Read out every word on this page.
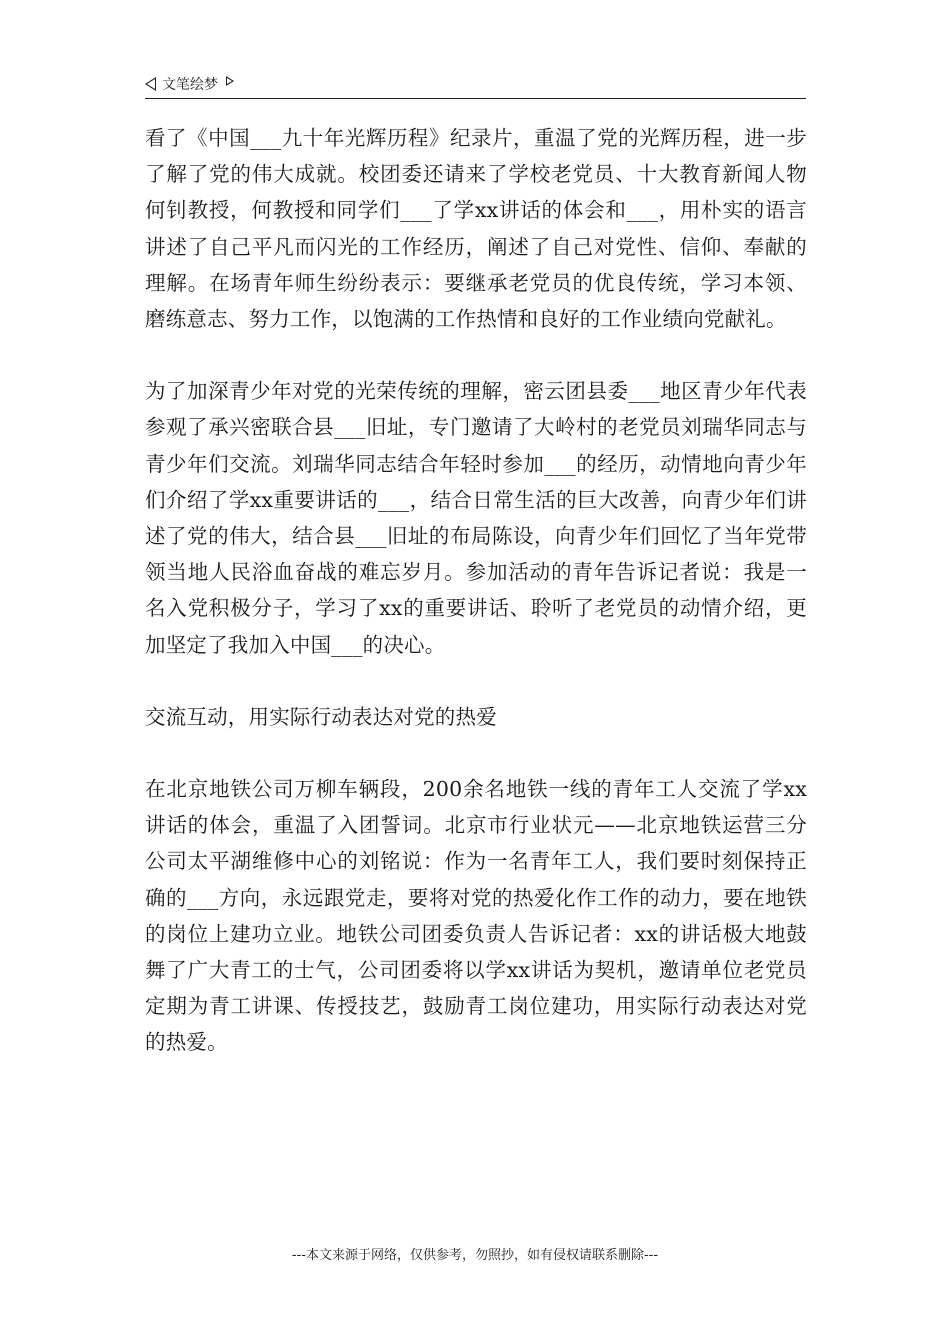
文笔绘梦

看了《中国___九十年光辉历程》纪录片，重温了党的光辉历程，进一步了解了党的伟大成就。校团委还请来了学校老党员、十大教育新闻人物何钊教授，何教授和同学们___了学xx讲话的体会和___，用朴实的语言讲述了自己平凡而闪光的工作经历，阐述了自己对党性、信仰、奉献的理解。在场青年师生纷纷表示：要继承老党员的优良传统，学习本领、磨练意志、努力工作，以饱满的工作热情和良好的工作业绩向党献礼。

为了加深青少年对党的光荣传统的理解，密云团县委___地区青少年代表参观了承兴密联合县___旧址，专门邀请了大岭村的老党员刘瑞华同志与青少年们交流。刘瑞华同志结合年轻时参加___的经历，动情地向青少年们介绍了学xx重要讲话的___，结合日常生活的巨大改善，向青少年们讲述了党的伟大，结合县___旧址的布局陈设，向青少年们回忆了当年党带领当地人民浴血奋战的难忘岁月。参加活动的青年告诉记者说：我是一名入党积极分子，学习了xx的重要讲话、聆听了老党员的动情介绍，更加坚定了我加入中国___的决心。

交流互动，用实际行动表达对党的热爱

在北京地铁公司万柳车辆段，200余名地铁一线的青年工人交流了学xx讲话的体会，重温了入团誓词。北京市行业状元——北京地铁运营三分公司太平湖维修中心的刘铭说：作为一名青年工人，我们要时刻保持正确的___方向，永远跟党走，要将对党的热爱化作工作的动力，要在地铁的岗位上建功立业。地铁公司团委负责人告诉记者：xx的讲话极大地鼓舞了广大青工的士气，公司团委将以学xx讲话为契机，邀请单位老党员定期为青工讲课、传授技艺，鼓励青工岗位建功，用实际行动表达对党的热爱。

---本文来源于网络，仅供参考，勿照抄，如有侵权请联系删除---
